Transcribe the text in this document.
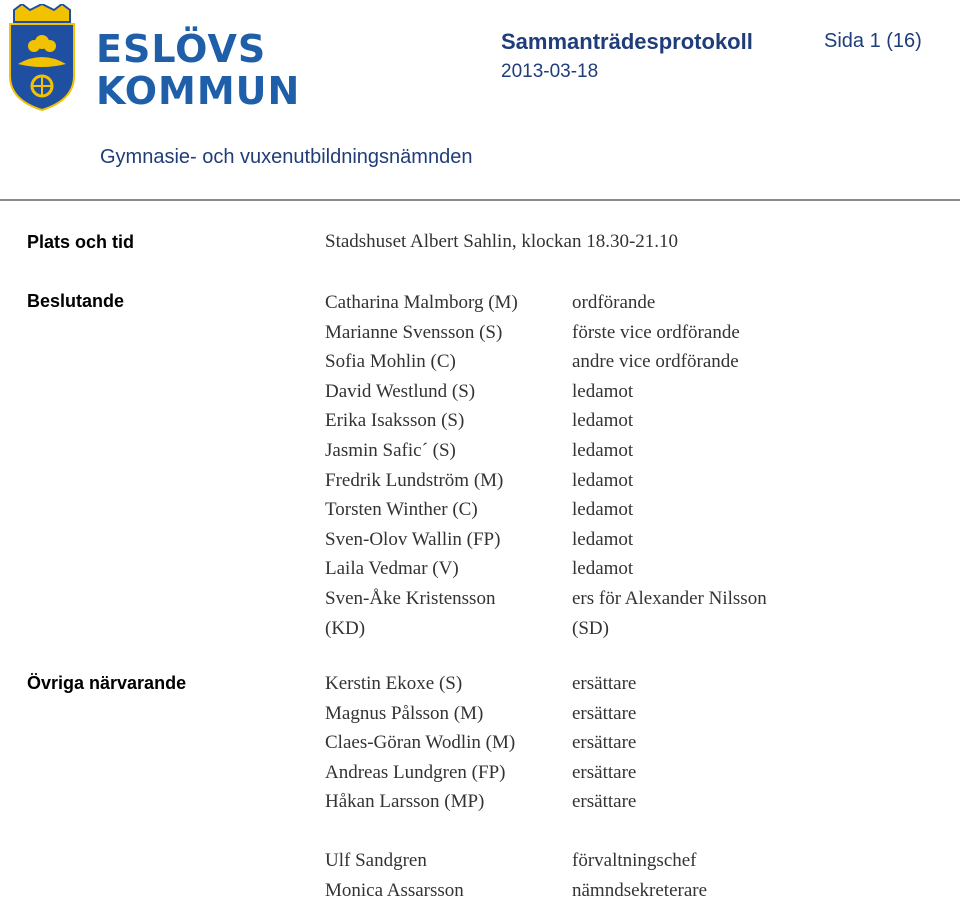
ESLÖVS
KOMMUN
Sammanträdesprotokoll
2013-03-18
Sida 1 (16)
Gymnasie- och vuxenutbildningsnämnden
Plats och tid	Stadshuset Albert Sahlin, klockan 18.30-21.10
Beslutande	Catharina Malmborg (M)	ordförande
Marianne Svensson (S)	förste vice ordförande
Sofia Mohlin (C)	andre vice ordförande
David Westlund (S)	ledamot
Erika Isaksson (S)	ledamot
Jasmin Safic´ (S)	ledamot
Fredrik Lundström (M)	ledamot
Torsten Winther (C)	ledamot
Sven-Olov Wallin (FP)	ledamot
Laila Vedmar (V)	ledamot
Sven-Åke Kristensson	ers för Alexander Nilsson
(KD)	(SD)
Övriga närvarande	Kerstin Ekoxe (S)	ersättare
Magnus Pålsson (M)	ersättare
Claes-Göran Wodlin (M)	ersättare
Andreas Lundgren (FP)	ersättare
Håkan Larsson (MP)	ersättare
Ulf Sandgren	förvaltningschef
Monica Assarsson	nämndsekreterare
